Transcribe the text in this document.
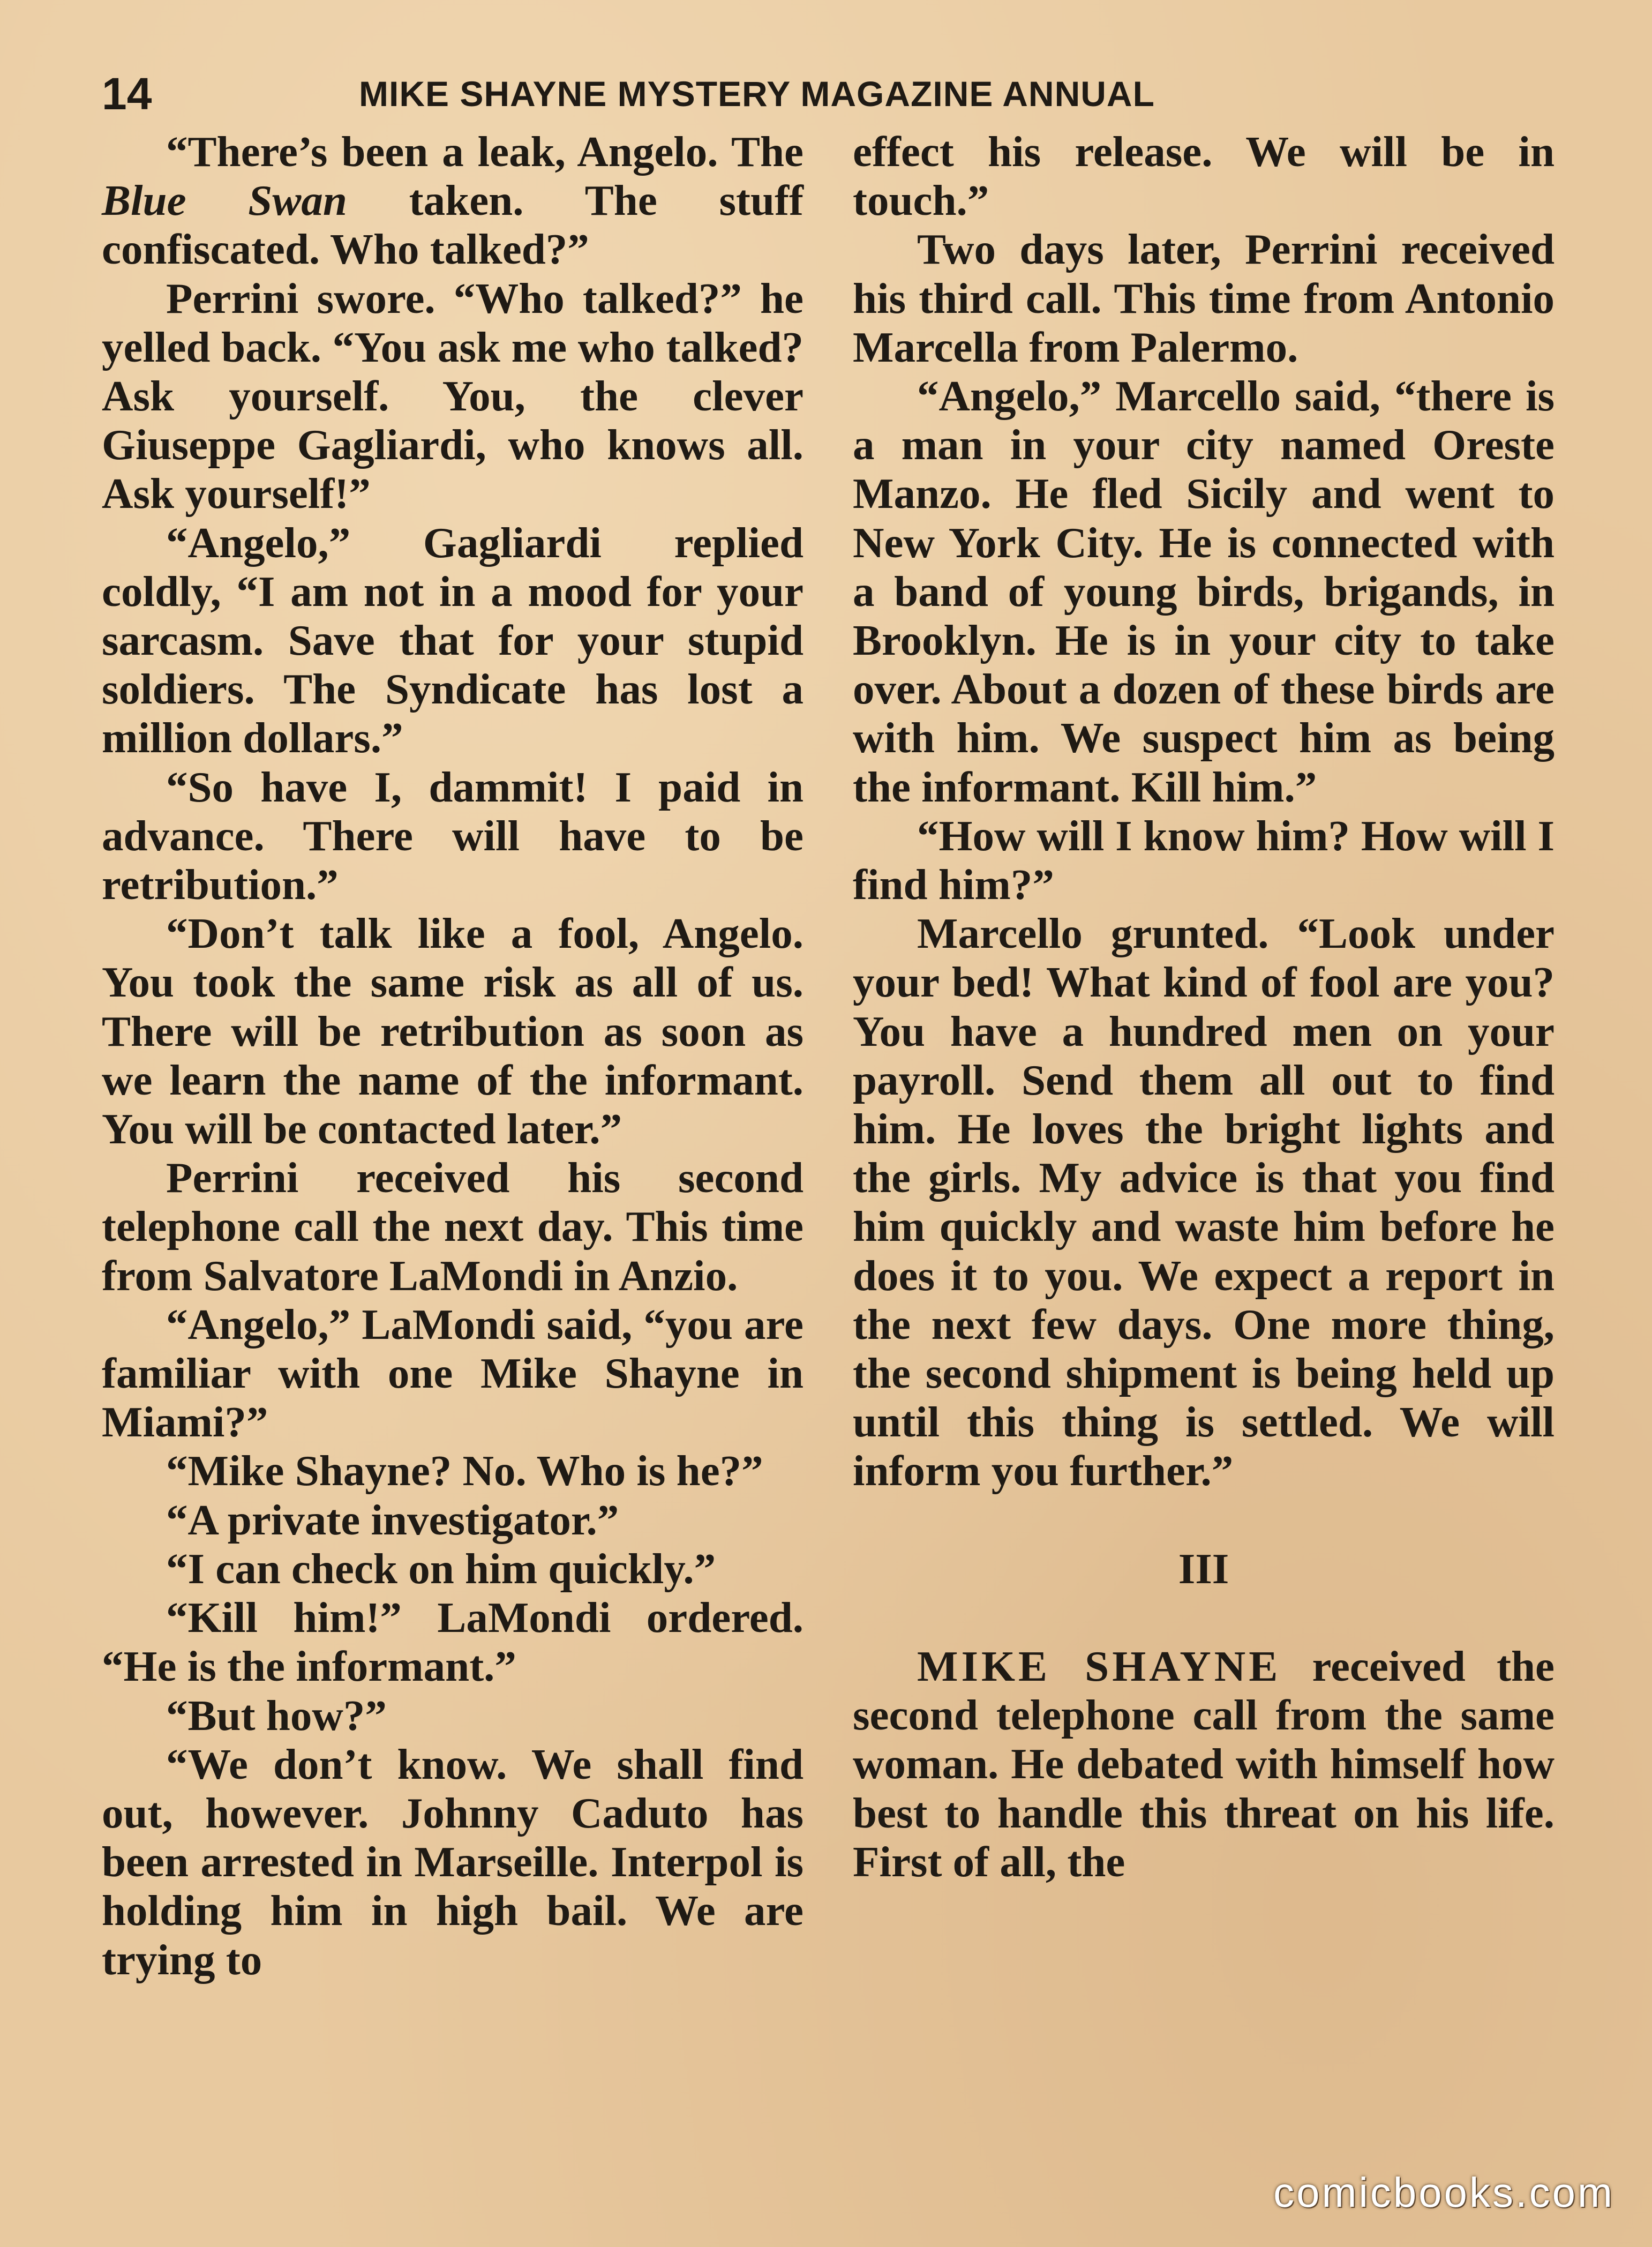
14	MIKE SHAYNE MYSTERY MAGAZINE ANNUAL

“There’s been a leak, Angelo. The Blue Swan taken. The stuff confiscated. Who talked?”

Perrini swore. “Who talked?” he yelled back. “You ask me who talked? Ask yourself. You, the clever Giuseppe Gagliardi, who knows all. Ask yourself!”

“Angelo,” Gagliardi replied coldly, “I am not in a mood for your sarcasm. Save that for your stupid soldiers. The Syndicate has lost a million dollars.”

“So have I, dammit! I paid in advance. There will have to be retribution.”

“Don’t talk like a fool, Angelo. You took the same risk as all of us. There will be retribution as soon as we learn the name of the informant. You will be contacted later.”

Perrini received his second telephone call the next day. This time from Salvatore LaMondi in Anzio.

“Angelo,” LaMondi said, “you are familiar with one Mike Shayne in Miami?”

“Mike Shayne? No. Who is he?”

“A private investigator.”

“I can check on him quickly.”

“Kill him!” LaMondi ordered. “He is the informant.”

“But how?”

“We don’t know. We shall find out, however. Johnny Caduto has been arrested in Marseille. Interpol is holding him in high bail. We are trying to

effect his release. We will be in touch.”

Two days later, Perrini received his third call. This time from Antonio Marcella from Palermo.

“Angelo,” Marcello said, “there is a man in your city named Oreste Manzo. He fled Sicily and went to New York City. He is connected with a band of young birds, brigands, in Brooklyn. He is in your city to take over. About a dozen of these birds are with him. We suspect him as being the informant. Kill him.”

“How will I know him? How will I find him?”

Marcello grunted. “Look under your bed! What kind of fool are you? You have a hundred men on your payroll. Send them all out to find him. He loves the bright lights and the girls. My advice is that you find him quickly and waste him before he does it to you. We expect a report in the next few days. One more thing, the second shipment is being held up until this thing is settled. We will inform you further.”

III

MIKE SHAYNE received the second telephone call from the same woman. He debated with himself how best to handle this threat on his life. First of all, the

comicbooks.com
